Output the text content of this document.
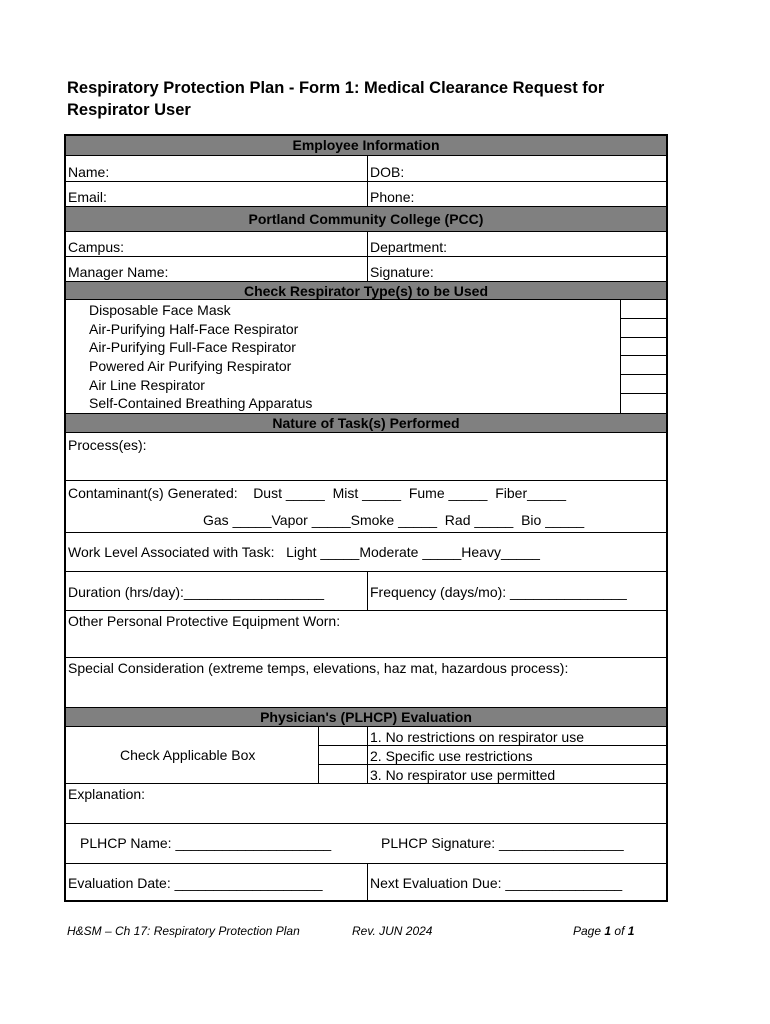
Respiratory Protection Plan - Form 1: Medical Clearance Request for Respirator User
Employee Information
Name:	DOB:
Email:	Phone:
Portland Community College (PCC)
Campus:	Department:
Manager Name:	Signature:
Check Respirator Type(s) to be Used
Disposable Face Mask
Air-Purifying Half-Face Respirator
Air-Purifying Full-Face Respirator
Powered Air Purifying Respirator
Air Line Respirator
Self-Contained Breathing Apparatus
Nature of Task(s) Performed
Process(es):
Contaminant(s) Generated:    Dust _____  Mist _____  Fume _____  Fiber_____
Gas _____Vapor _____Smoke _____  Rad _____  Bio _____
Work Level Associated with Task:   Light _____Moderate _____Heavy_____
Duration (hrs/day):__________________	Frequency (days/mo): _______________
Other Personal Protective Equipment Worn:
Special Consideration (extreme temps, elevations, haz mat, hazardous process):
Physician's (PLHCP) Evaluation
Check Applicable Box
1. No restrictions on respirator use
2. Specific use restrictions
3. No respirator use permitted
Explanation:
PLHCP Name: ____________________	PLHCP Signature: ________________
Evaluation Date: ___________________	Next Evaluation Due: _______________
H&SM – Ch 17: Respiratory Protection Plan	Rev. JUN 2024	Page 1 of 1
